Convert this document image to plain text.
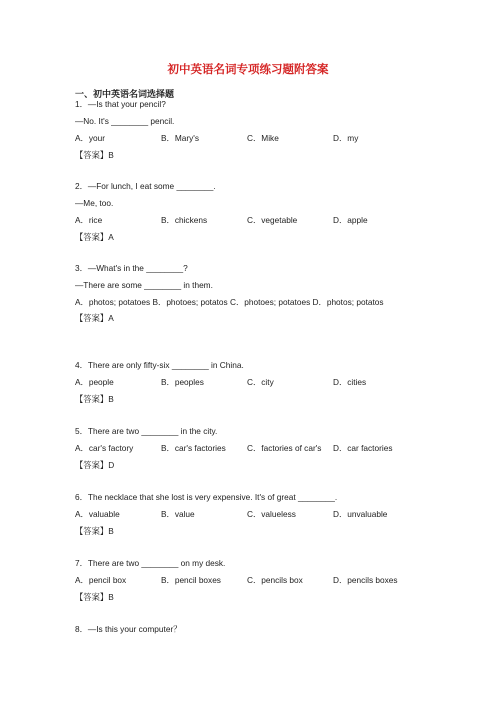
初中英语名词专项练习题附答案
一、初中英语名词选择题
1．—Is that your pencil?
—No. It's ________ pencil.
A．your	B．Mary's	C．Mike	D．my
【答案】B
2．—For lunch, I eat some ________.
—Me, too.
A．rice	B．chickens	C．vegetable	D．apple
【答案】A
3．—What's in the ________?
—There are some ________ in them.
A．photos; potatoes B．photoes; potatos C．photoes; potatoes D．photos; potatos
【答案】A
4．There are only fifty-six ________ in China.
A．people	B．peoples	C．city	D．cities
【答案】B
5．There are two ________ in the city.
A．car's factory	B．car's factories	C．factories of car's D．car factories
【答案】D
6．The necklace that she lost is very expensive. It's of great ________.
A．valuable	B．value	C．valueless	D．unvaluable
【答案】B
7．There are two ________ on my desk.
A．pencil box	B．pencil boxes	C．pencils box	D．pencils boxes
【答案】B
8．—Is this your computer？
